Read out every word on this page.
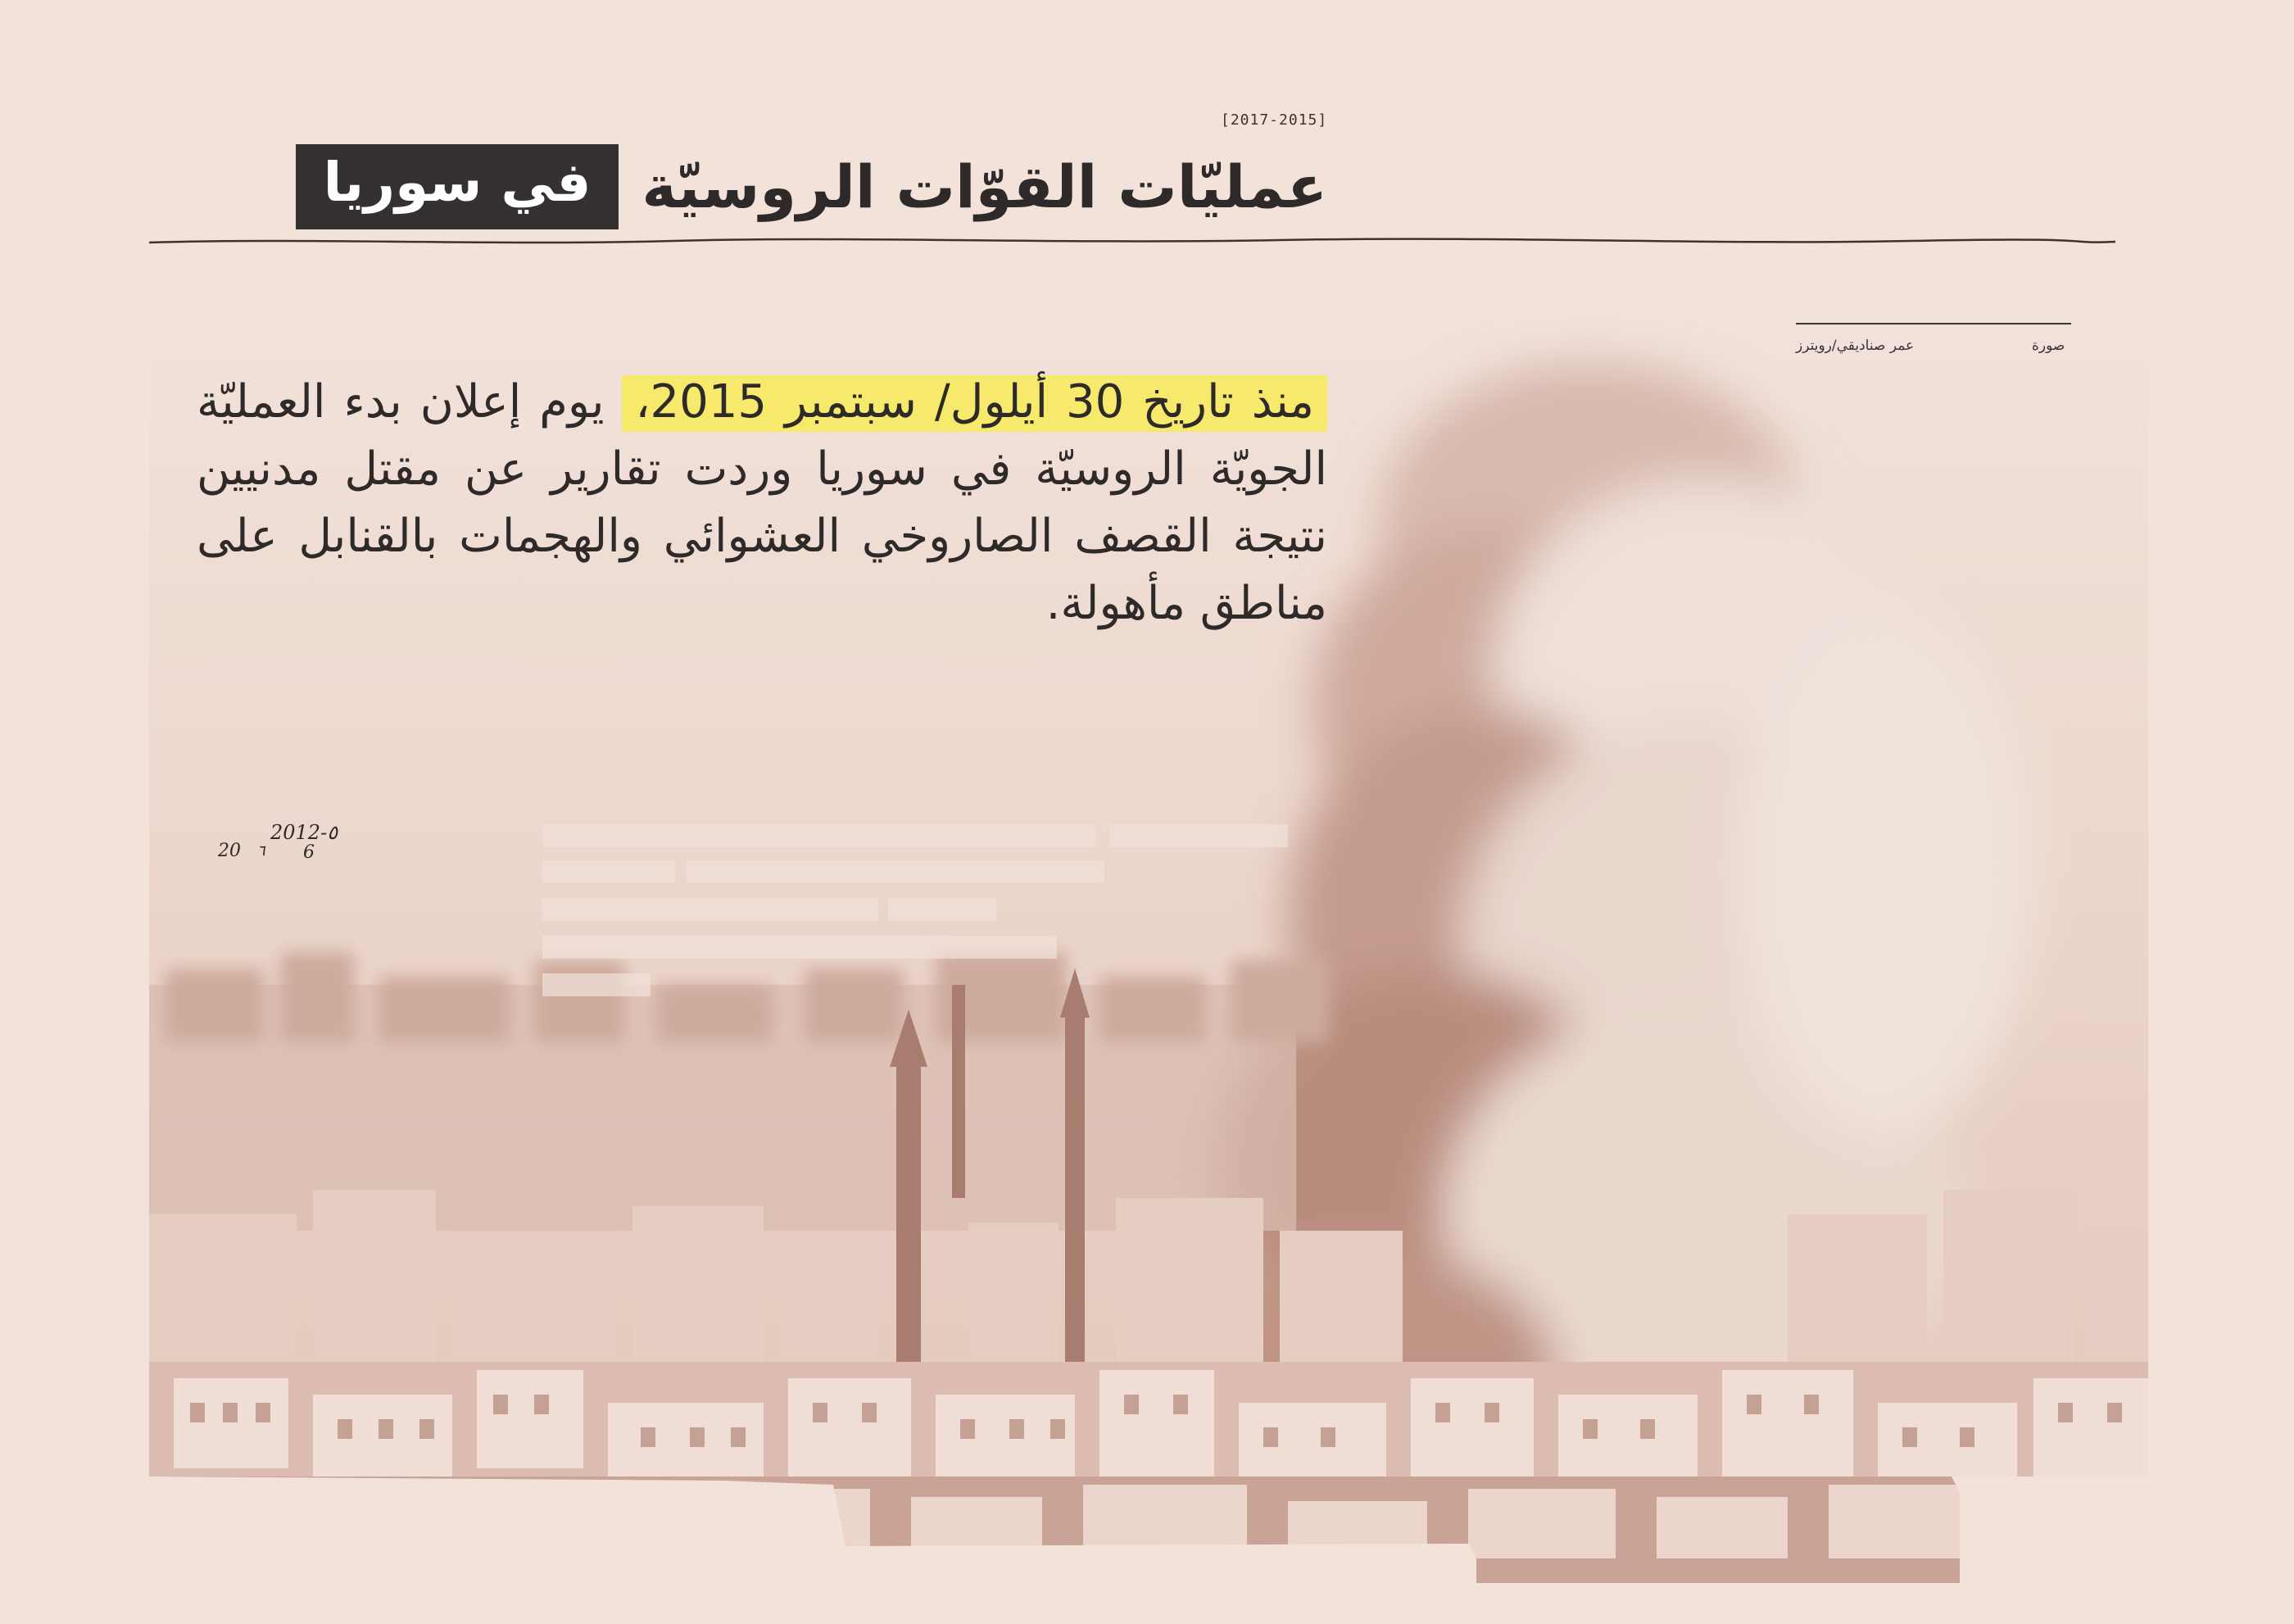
[2017-2015]
عمليّات القوّات الروسيّة
في سوريا
صورة
عمر صناديقي/رويترز

منذ تاريخ 30 أيلول/ سبتمبر 2015، يوم إعلان بدء العمليّة الجويّة الروسيّة في سوريا وردت تقارير عن مقتل مدنيين نتيجة القصف الصاروخي العشوائي والهجمات بالقنابل على مناطق مأهولة.

2012-٥
20 ٦ 6
